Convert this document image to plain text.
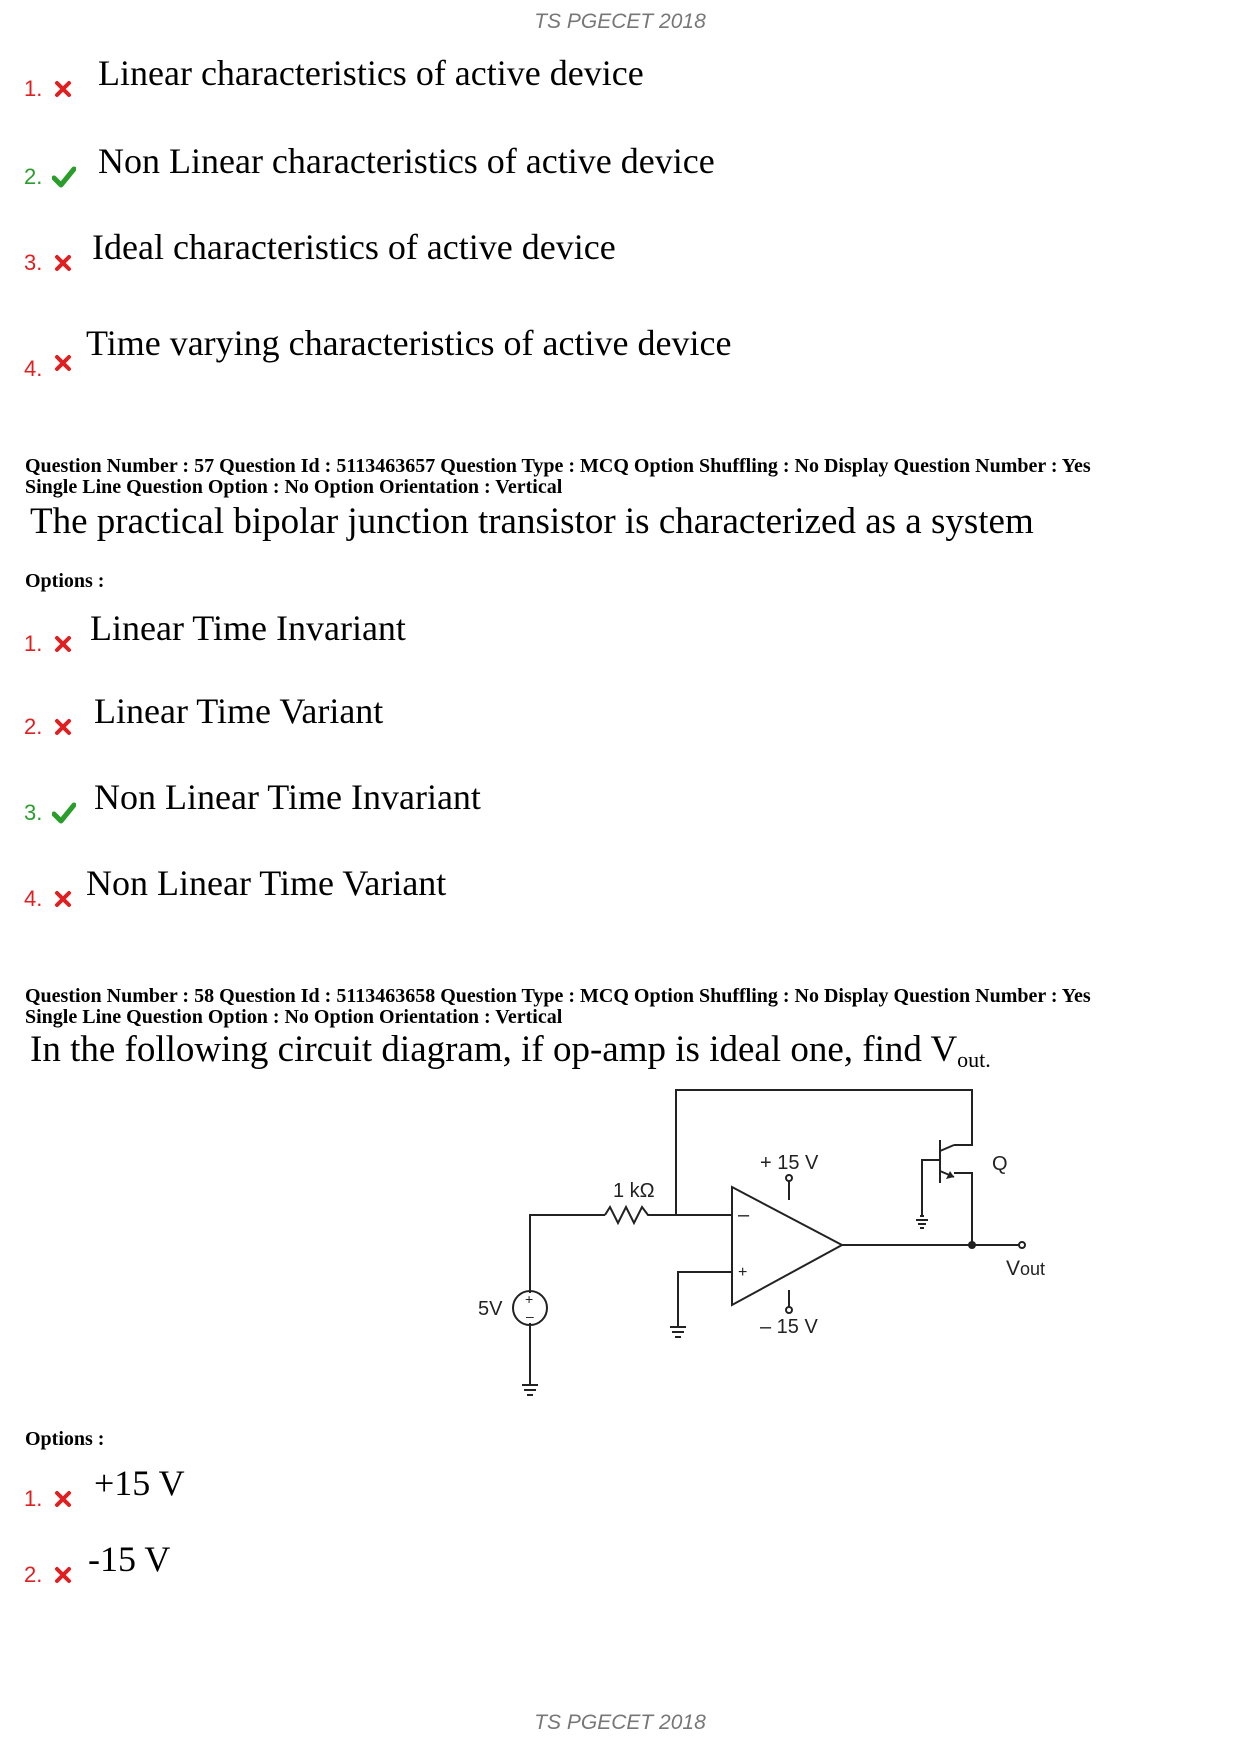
TS PGECET 2018
1. Linear characteristics of active device
2. Non Linear characteristics of active device
3. Ideal characteristics of active device
4.
Time varying characteristics of active device
Question Number : 57 Question Id : 5113463657 Question Type : MCQ Option Shuffling : No Display Question Number : Yes
Single Line Question Option : No Option Orientation : Vertical
The practical bipolar junction transistor is characterized as a system
Options :
1. Linear Time Invariant
2. Linear Time Variant
3. Non Linear Time Invariant
4. Non Linear Time Variant
Question Number : 58 Question Id : 5113463658 Question Type : MCQ Option Shuffling : No Display Question Number : Yes
Single Line Question Option : No Option Orientation : Vertical
In the following circuit diagram, if op-amp is ideal one, find $V_{out.}$
1 kΩ
+ 15 V
– 15 V
5V
Q
Vout
–
+
+
–
Options :
1. +15 V
2. -15 V
TS PGECET 2018
